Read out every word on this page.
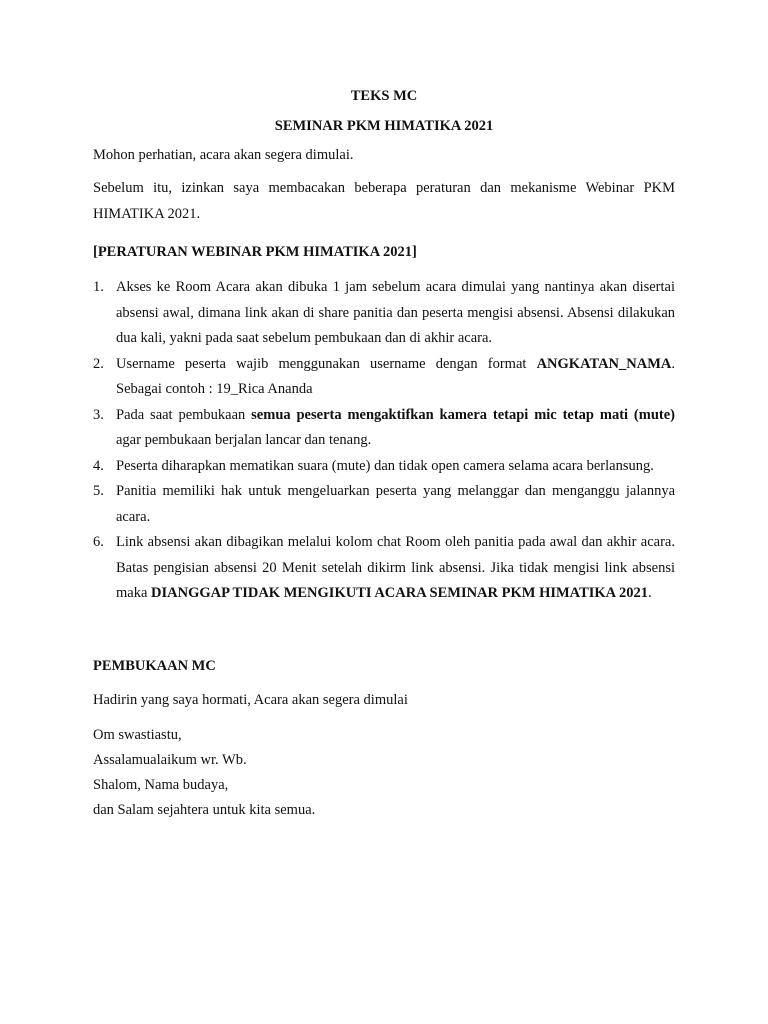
TEKS MC

SEMINAR PKM HIMATIKA 2021

Mohon perhatian, acara akan segera dimulai.

Sebelum itu, izinkan saya membacakan beberapa peraturan dan mekanisme Webinar PKM HIMATIKA 2021.

[PERATURAN WEBINAR PKM HIMATIKA 2021]

1. Akses ke Room Acara akan dibuka 1 jam sebelum acara dimulai yang nantinya akan disertai absensi awal, dimana link akan di share panitia dan peserta mengisi absensi. Absensi dilakukan dua kali, yakni pada saat sebelum pembukaan dan di akhir acara.
2. Username peserta wajib menggunakan username dengan format ANGKATAN_NAMA. Sebagai contoh : 19_Rica Ananda
3. Pada saat pembukaan semua peserta mengaktifkan kamera tetapi mic tetap mati (mute) agar pembukaan berjalan lancar dan tenang.
4. Peserta diharapkan mematikan suara (mute) dan tidak open camera selama acara berlansung.
5. Panitia memiliki hak untuk mengeluarkan peserta yang melanggar dan menganggu jalannya acara.
6. Link absensi akan dibagikan melalui kolom chat Room oleh panitia pada awal dan akhir acara. Batas pengisian absensi 20 Menit setelah dikirm link absensi. Jika tidak mengisi link absensi maka DIANGGAP TIDAK MENGIKUTI ACARA SEMINAR PKM HIMATIKA 2021.

PEMBUKAAN MC

Hadirin yang saya hormati, Acara akan segera dimulai

Om swastiastu,

Assalamualaikum wr. Wb.

Shalom, Nama budaya,

dan Salam sejahtera untuk kita semua.
